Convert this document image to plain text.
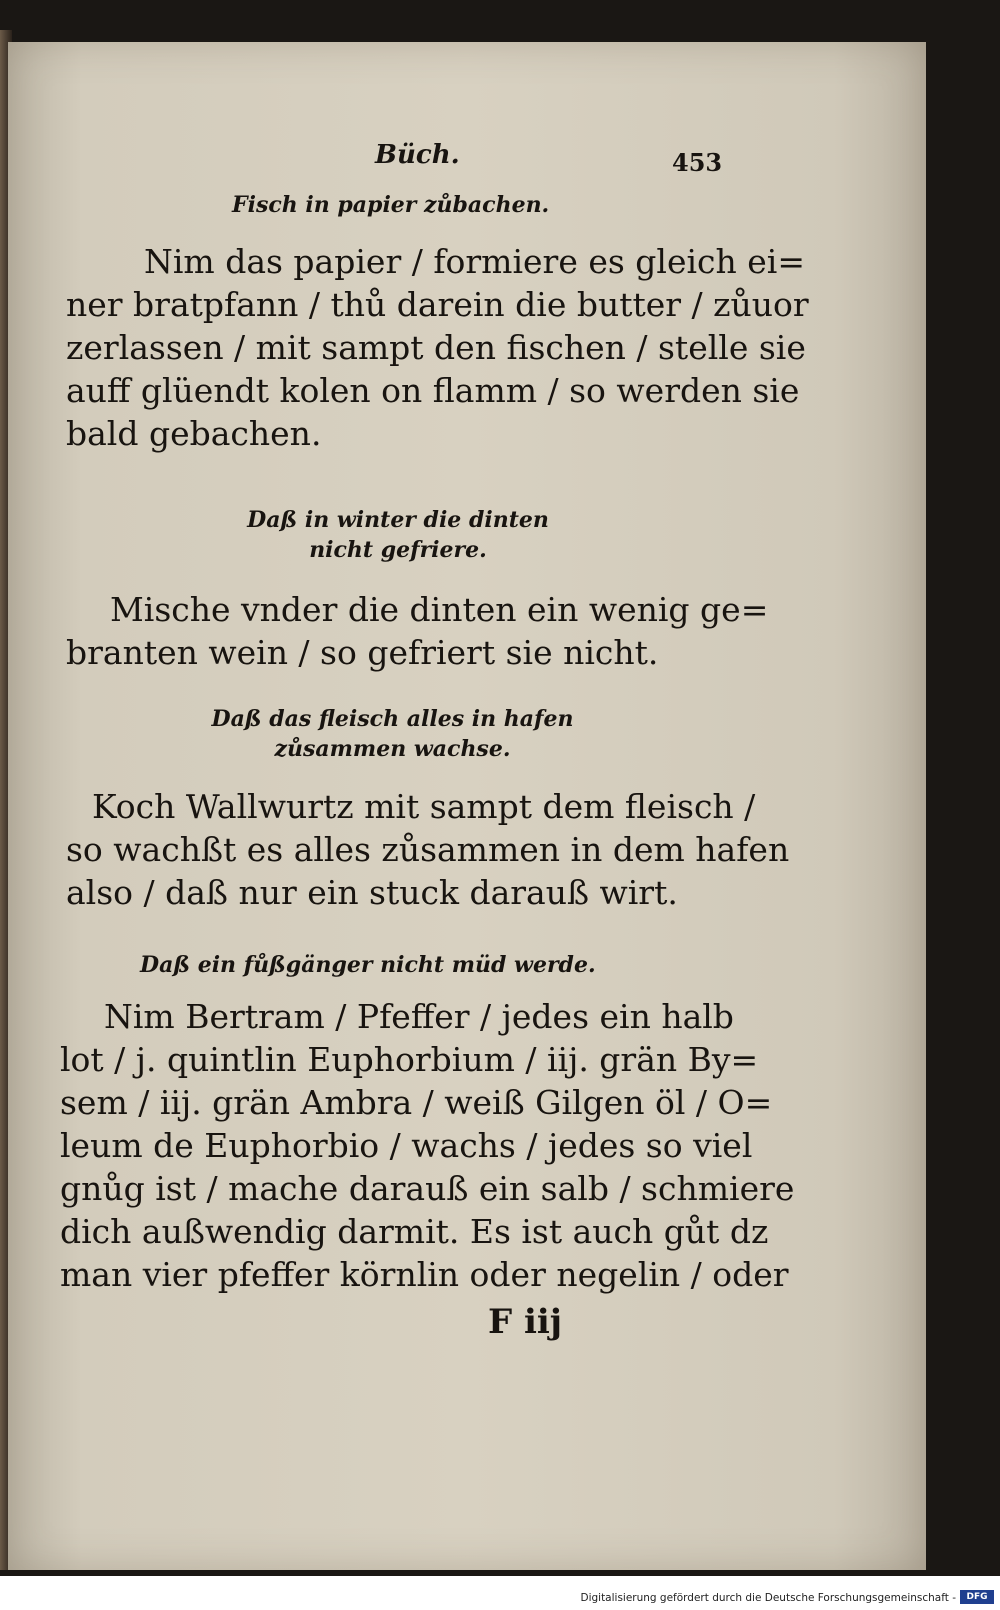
Büch.	453
Fisch in papier zůbachen.
Nim das papier / formiere es gleich ei=
ner bratpfann / thů darein die butter / zůuor
zerlassen / mit sampt den fischen / stelle sie
auff glüendt kolen on flamm / so werden sie
bald gebachen.
Daß in winter die dinten
nicht gefriere.
Mische vnder die dinten ein wenig ge=
branten wein / so gefriert sie nicht.
Daß das fleisch alles in hafen
zůsammen wachse.
Koch Wallwurtz mit sampt dem fleisch /
so wachßt es alles zůsammen in dem hafen
also / daß nur ein stuck darauß wirt.
Daß ein fůßgänger nicht müd werde.
Nim Bertram / Pfeffer / jedes ein halb
lot / j. quintlin Euphorbium / iij. grän By=
sem / iij. grän Ambra / weiß Gilgen öl / O=
leum de Euphorbio / wachs / jedes so viel
gnůg ist / mache darauß ein salb / schmiere
dich außwendig darmit. Es ist auch gůt dz
man vier pfeffer körnlin oder negelin / oder
F iij
Digitalisierung gefördert durch die Deutsche Forschungsgemeinschaft -	DFG
